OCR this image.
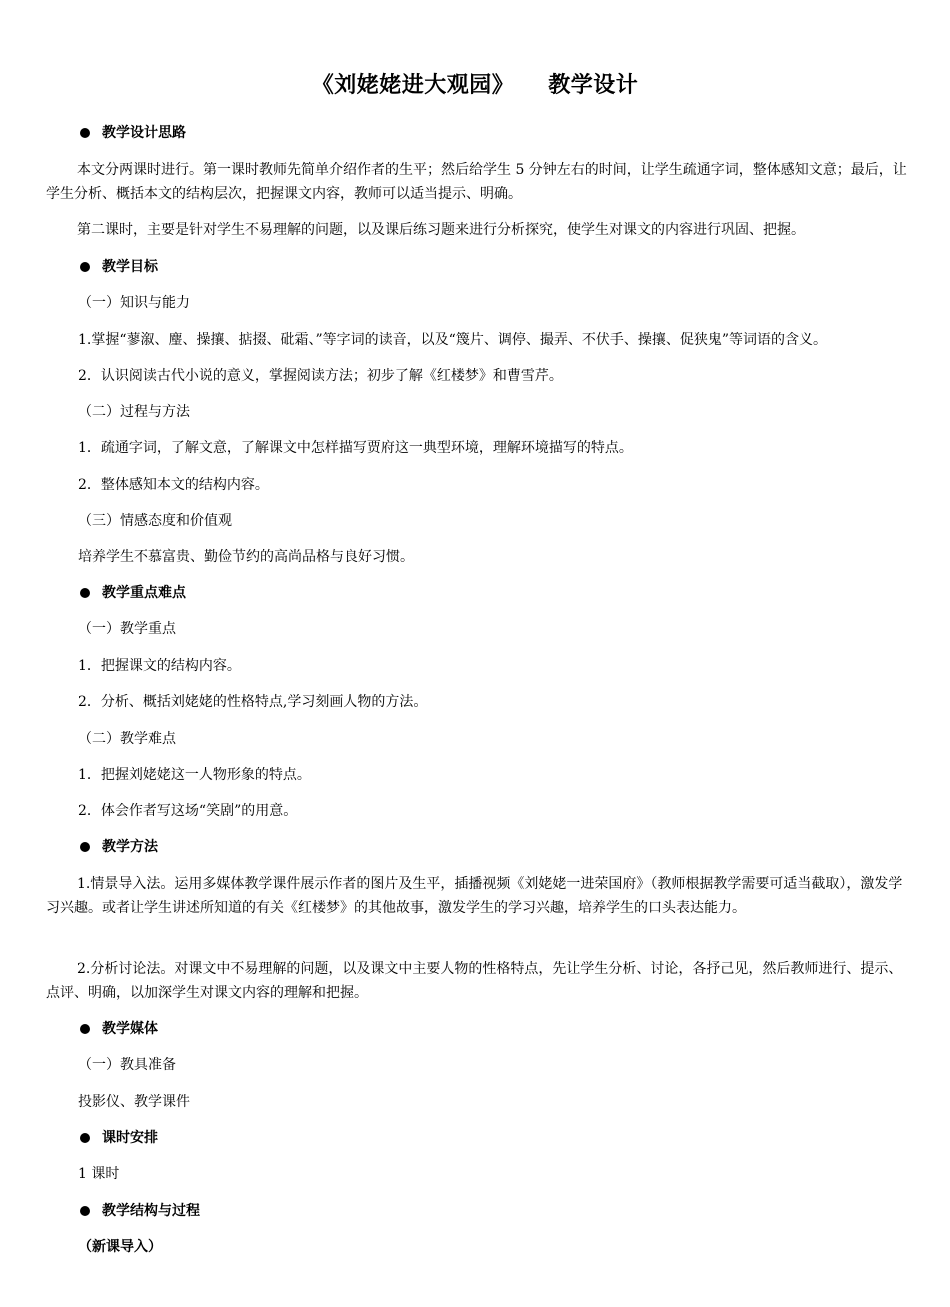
《刘姥姥进大观园》 教学设计
教学设计思路
本文分两课时进行。第一课时教师先简单介绍作者的生平；然后给学生 5 分钟左右的时间，让学生疏通字词，整体感知文意；最后，让学生分析、概括本文的结构层次，把握课文内容，教师可以适当提示、明确。
第二课时，主要是针对学生不易理解的问题，以及课后练习题来进行分析探究，使学生对课文的内容进行巩固、把握。
教学目标
（一）知识与能力
1.掌握“蓼溆、麈、操攘、掂掇、砒霜、”等字词的读音，以及“篾片、调停、撮弄、不伏手、操攘、促狭鬼”等词语的含义。
2．认识阅读古代小说的意义，掌握阅读方法；初步了解《红楼梦》和曹雪芹。
（二）过程与方法
1．疏通字词，了解文意，了解课文中怎样描写贾府这一典型环境，理解环境描写的特点。
2．整体感知本文的结构内容。
（三）情感态度和价值观
培养学生不慕富贵、勤俭节约的高尚品格与良好习惯。
教学重点难点
（一）教学重点
1．把握课文的结构内容。
2．分析、概括刘姥姥的性格特点,学习刻画人物的方法。
（二）教学难点
1．把握刘姥姥这一人物形象的特点。
2．体会作者写这场“笑剧”的用意。
教学方法
1.情景导入法。运用多媒体教学课件展示作者的图片及生平，插播视频《刘姥姥一进荣国府》（教师根据教学需要可适当截取），激发学习兴趣。或者让学生讲述所知道的有关《红楼梦》的其他故事，激发学生的学习兴趣，培养学生的口头表达能力。
2.分析讨论法。对课文中不易理解的问题，以及课文中主要人物的性格特点，先让学生分析、讨论，各抒己见，然后教师进行、提示、点评、明确，以加深学生对课文内容的理解和把握。
教学媒体
（一）教具准备
投影仪、教学课件
课时安排
1 课时
教学结构与过程
（新课导入）
